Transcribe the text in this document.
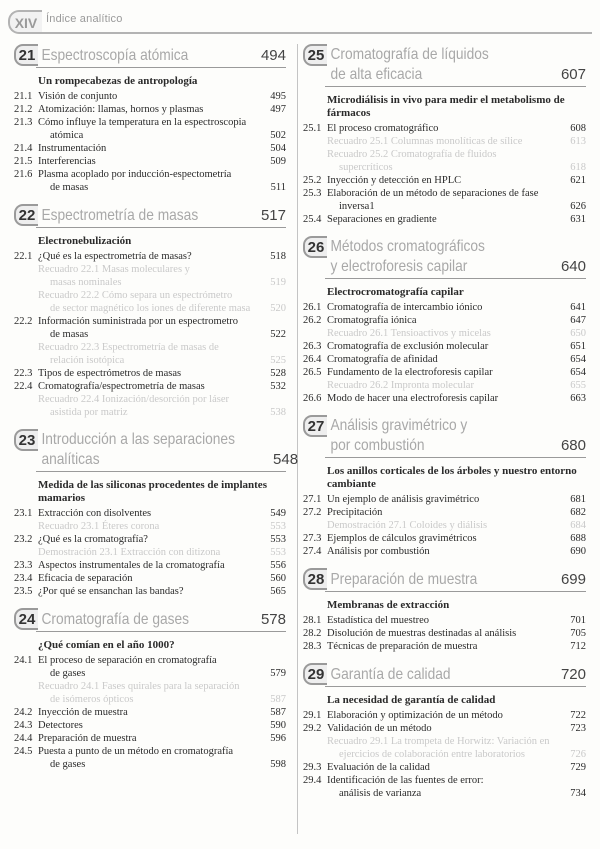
XIV Índice analítico
21 Espectroscopía atómica	494
Un rompecabezas de antropología
21.1 Visión de conjunto	495
21.2 Atomización: llamas, hornos y plasmas	497
21.3 Cómo influye la temperatura en la espectroscopia
atómica	502
21.4 Instrumentación	504
21.5 Interferencias	509
21.6 Plasma acoplado por inducción-espectometría
de masas	511
22 Espectrometría de masas	517
Electronebulización
22.1 ¿Qué es la espectrometría de masas?	518
Recuadro 22.1 Masas moleculares y
masas nominales	519
Recuadro 22.2 Cómo separa un espectrómetro
de sector magnético los iones de diferente masa	520
22.2 Información suministrada por un espectrometro
de masas	522
Recuadro 22.3 Espectrometría de masas de
relación isotópica	525
22.3 Tipos de espectrómetros de masas	528
22.4 Cromatografía/espectrometría de masas	532
Recuadro 22.4 Ionización/desorción por láser
asistida por matriz	538
23 Introducción a las separaciones
analíticas	548
Medida de las siliconas procedentes de implantes mamarios
23.1 Extracción con disolventes	549
Recuadro 23.1 Éteres corona	553
23.2 ¿Qué es la cromatografía?	553
Demostración 23.1 Extracción con ditizona	553
23.3 Aspectos instrumentales de la cromatografía	556
23.4 Eficacia de separación	560
23.5 ¿Por qué se ensanchan las bandas?	565
24 Cromatografía de gases	578
¿Qué comían en el año 1000?
24.1 El proceso de separación en cromatografía
de gases	579
Recuadro 24.1 Fases quirales para la separación
de isómeros ópticos	587
24.2 Inyección de muestra	587
24.3 Detectores	590
24.4 Preparación de muestra	596
24.5 Puesta a punto de un método en cromatografía
de gases	598
25 Cromatografía de líquidos
de alta eficacia	607
Microdiálisis in vivo para medir el metabolismo de fármacos
25.1 El proceso cromatográfico	608
Recuadro 25.1 Columnas monolíticas de sílice	613
Recuadro 25.2 Cromatografía de fluidos
supercríticos	618
25.2 Inyección y detección en HPLC	621
25.3 Elaboración de un método de separaciones de fase
inversa1	626
25.4 Separaciones en gradiente	631
26 Métodos cromatográficos
y electroforesis capilar	640
Electrocromatografía capilar
26.1 Cromatografía de intercambio iónico	641
26.2 Cromatografía iónica	647
Recuadro 26.1 Tensioactivos y micelas	650
26.3 Cromatografía de exclusión molecular	651
26.4 Cromatografía de afinidad	654
26.5 Fundamento de la electroforesis capilar	654
Recuadro 26.2 Impronta molecular	655
26.6 Modo de hacer una electroforesis capilar	663
27 Análisis gravimétrico y
por combustión	680
Los anillos corticales de los árboles y nuestro entorno cambiante
27.1 Un ejemplo de análisis gravimétrico	681
27.2 Precipitación	682
Demostración 27.1 Coloides y diálisis	684
27.3 Ejemplos de cálculos gravimétricos	688
27.4 Análisis por combustión	690
28 Preparación de muestra	699
Membranas de extracción
28.1 Estadística del muestreo	701
28.2 Disolución de muestras destinadas al análisis	705
28.3 Técnicas de preparación de muestra	712
29 Garantía de calidad	720
La necesidad de garantía de calidad
29.1 Elaboración y optimización de un método	722
29.2 Validación de un método	723
Recuadro 29.1 La trompeta de Horwitz: Variación en
ejercicios de colaboración entre laboratorios	726
29.3 Evaluación de la calidad	729
29.4 Identificación de las fuentes de error:
análisis de varianza	734
